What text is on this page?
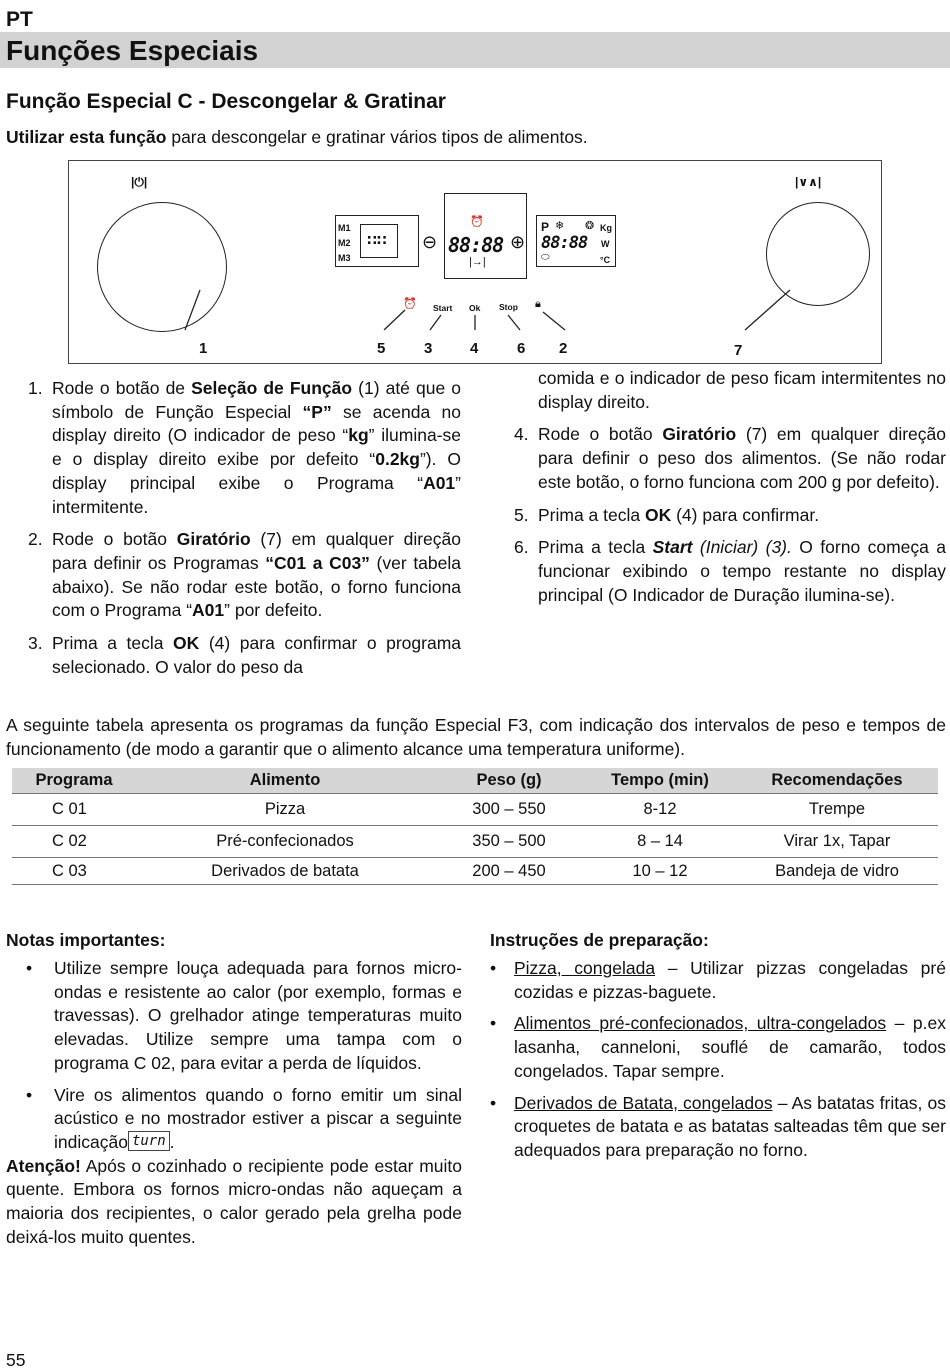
PT
Funções Especiais
Função Especial C - Descongelar & Gratinar
Utilizar esta função para descongelar e gratinar vários tipos de alimentos.
|⏻|	|∨∧|
M1
M2
M3
∷∷ ⊖	⊕
⏰
88:88
|→|
P ❄ ❂ Kg
88:88 W
⬭	°C
⏰ Start Ok Stop 🔒︎
1	5	3	4	6 2	7

1. Rode o botão de Seleção de Função (1) até que o símbolo de Função Especial “P” se acenda no display direito (O indicador de peso “kg” ilumina-se e o display direito exibe por defeito “0.2kg”). O display principal exibe o Programa “A01” intermitente.

2. Rode o botão Giratório (7) em qualquer direção para definir os Programas “C01 a C03” (ver tabela abaixo). Se não rodar este botão, o forno funciona com o Programa “A01” por defeito.

3. Prima a tecla OK (4) para confirmar o programa selecionado. O valor do peso da

comida e o indicador de peso ficam intermitentes no display direito.

4. Rode o botão Giratório (7) em qualquer direção para definir o peso dos alimentos. (Se não rodar este botão, o forno funciona com 200 g por defeito).

5. Prima a tecla OK (4) para confirmar.

6. Prima a tecla Start (Iniciar) (3). O forno começa a funcionar exibindo o tempo restante no display principal (O Indicador de Duração ilumina-se).

A seguinte tabela apresenta os programas da função Especial F3, com indicação dos intervalos de peso e tempos de funcionamento (de modo a garantir que o alimento alcance uma temperatura uniforme).
Programa	Alimento	Peso (g)	Tempo (min)	Recomendações
C 01	Pizza	300 – 550	8-12	Trempe
C 02	Pré-confecionados	350 – 500	8 – 14	Virar 1x, Tapar
C 03	Derivados de batata	200 – 450	10 – 12	Bandeja de vidro
Notas importantes:
• Utilize sempre louça adequada para fornos micro-ondas e resistente ao calor (por exemplo, formas e travessas). O grelhador atinge temperaturas muito elevadas. Utilize sempre uma tampa com o programa C 02, para evitar a perda de líquidos.
• Vire os alimentos quando o forno emitir um sinal acústico e no mostrador estiver a piscar a seguinte indicação turn .
Atenção! Após o cozinhado o recipiente pode estar muito quente. Embora os fornos micro-ondas não aqueçam a maioria dos recipientes, o calor gerado pela grelha pode deixá-los muito quentes.
Instruções de preparação:
• Pizza, congelada – Utilizar pizzas congeladas pré cozidas e pizzas-baguete.
• Alimentos pré-confecionados, ultra-congelados – p.ex lasanha, canneloni, souflé de camarão, todos congelados. Tapar sempre.
• Derivados de Batata, congelados – As batatas fritas, os croquetes de batata e as batatas salteadas têm que ser adequados para preparação no forno.
55
